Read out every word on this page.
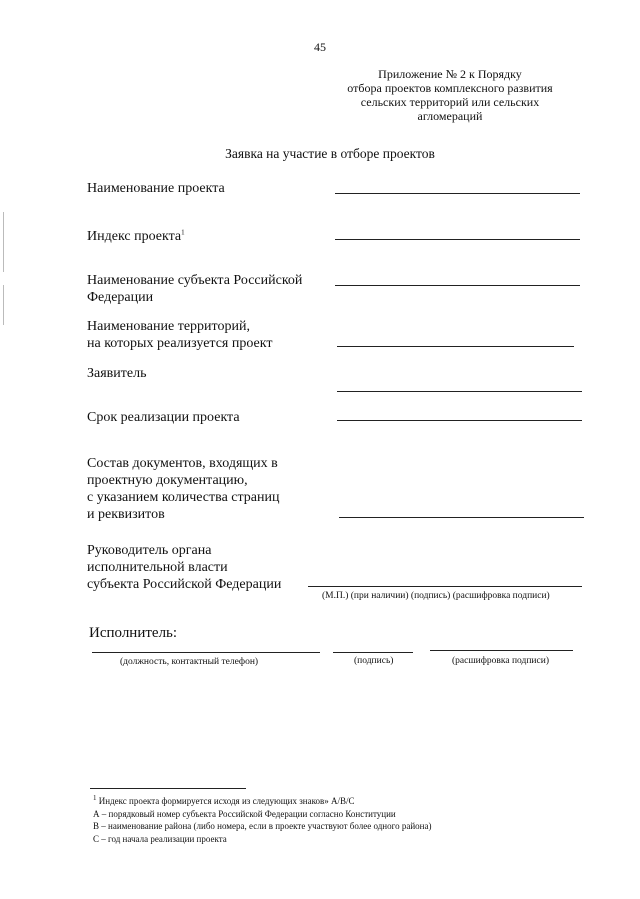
45
Приложение № 2 к Порядку
отбора проектов комплексного развития
сельских территорий или сельских
агломераций
Заявка на участие в отборе проектов
Наименование проекта
Индекс проекта$^1$
Наименование субъекта Российской
Федерации
Наименование территорий,
на которых реализуется проект
Заявитель
Срок реализации проекта
Состав документов, входящих в
проектную документацию,
с указанием количества страниц
и реквизитов
Руководитель органа
исполнительной власти
субъекта Российской Федерации
(М.П.) (при наличии) (подпись) (расшифровка подписи)
Исполнитель:
(должность, контактный телефон)	(подпись)	(расшифровка подписи)
$^1$ Индекс проекта формируется исходя из следующих знаков» А/В/С
А – порядковый номер субъекта Российской Федерации согласно Конституции
В – наименование района (либо номера, если в проекте участвуют более одного района)
С – год начала реализации проекта
